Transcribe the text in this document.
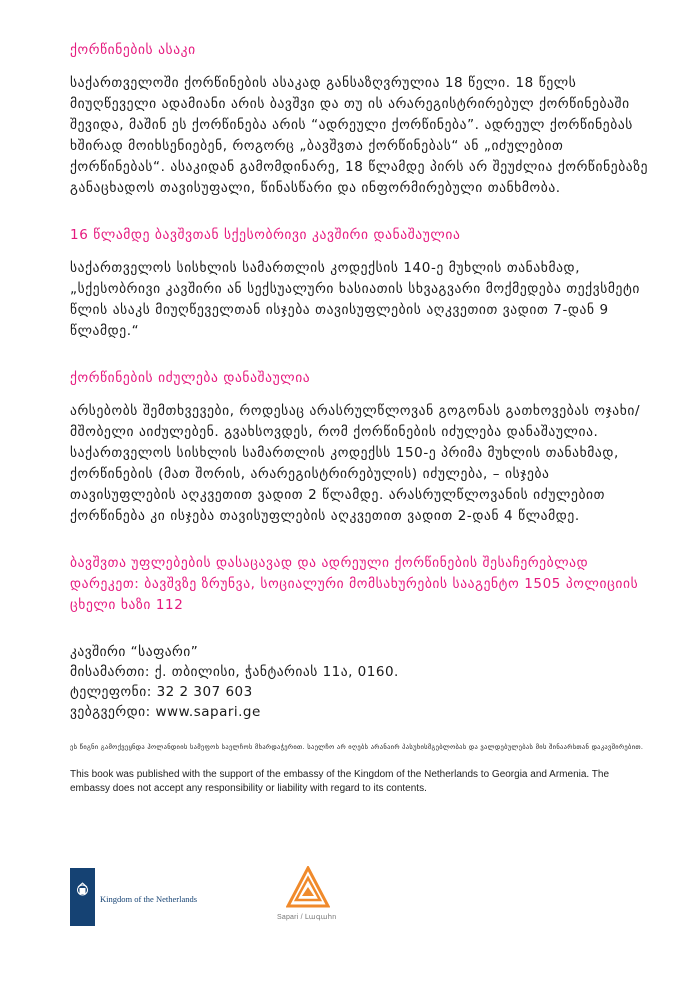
ქორწინების ასაკი

საქართველოში ქორწინების ასაკად განსაზღვრულია 18 წელი. 18 წელს მიუღწეველი ადამიანი არის ბავშვი და თუ ის არარეგისტრირებულ ქორწინებაში შევიდა, მაშინ ეს ქორწინება არის “ადრეული ქორწინება”. ადრეულ ქორწინებას ხშირად მოიხსენიებენ, როგორც „ბავშვთა ქორწინებას“ ან „იძულებით ქორწინებას“. ასაკიდან გამომდინარე, 18 წლამდე პირს არ შეუძლია ქორწინებაზე განაცხადოს თავისუფალი, წინასწარი და ინფორმირებული თანხმობა.

16 წლამდე ბავშვთან სქესობრივი კავშირი დანაშაულია

საქართველოს სისხლის სამართლის კოდექსის 140-ე მუხლის თანახმად, „სქესობრივი კავშირი ან სექსუალური ხასიათის სხვაგვარი მოქმედება თექვსმეტი წლის ასაკს მიუღწეველთან ისჯება თავისუფლების აღკვეთით ვადით 7-დან 9 წლამდე.“

ქორწინების იძულება დანაშაულია

არსებობს შემთხვევები, როდესაც არასრულწლოვან გოგონას გათხოვებას ოჯახი/მშობელი აიძულებენ. გვახსოვდეს, რომ ქორწინების იძულება დანაშაულია. საქართველოს სისხლის სამართლის კოდექსს 150-ე პრიმა მუხლის თანახმად, ქორწინების (მათ შორის, არარეგისტრირებულის) იძულება, – ისჯება თავისუფლების აღკვეთით ვადით 2 წლამდე. არასრულწლოვანის იძულებით ქორწინება კი ისჯება თავისუფლების აღკვეთით ვადით 2-დან 4 წლამდე.

ბავშვთა უფლებების დასაცავად და ადრეული ქორწინების შესაჩერებლად დარეკეთ: ბავშვზე ზრუნვა, სოციალური მომსახურების სააგენტო 1505 პოლიციის ცხელი ხაზი 112

კავშირი “საფარი”
მისამართი: ქ. თბილისი, ჭანტარიას 11ა, 0160.
ტელეფონი: 32 2 307 603
ვებგვერდი: www.sapari.ge

ეს წიგნი გამოქვეყნდა ჰოლანდიის სამეფოს საელჩოს მხარდაჭერით. საელჩო არ იღებს არანაირ პასუხისმგებლობას და ვალდებულებას მის შინაარსთან დაკავშირებით.

This book was published with the support of the embassy of the Kingdom of the Netherlands to Georgia and Armenia. The embassy does not accept any responsibility or liability with regard to its contents.

Kingdom of the Netherlands
Sapari / Լագահn
